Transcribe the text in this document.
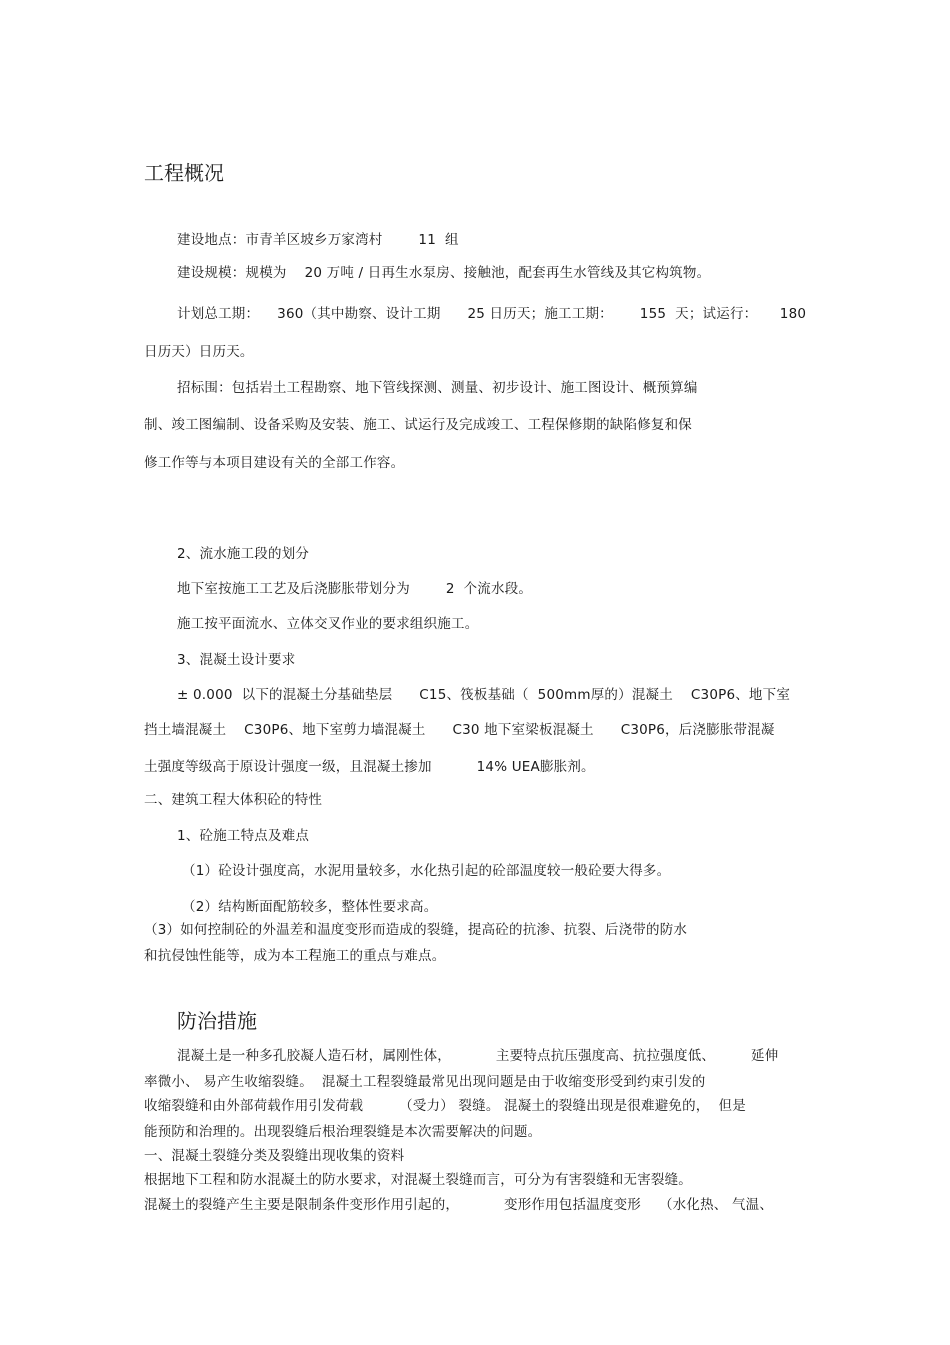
工程概况
建设地点：市青羊区坡乡万家湾村        11  组
建设规模：规模为    20 万吨 / 日再生水泵房、接触池，配套再生水管线及其它构筑物。
计划总工期：    360（其中勘察、设计工期      25 日历天；施工工期：      155  天；试运行：     180
日历天）日历天。
招标围：包括岩土工程勘察、地下管线探测、测量、初步设计、施工图设计、概预算编
制、竣工图编制、设备采购及安装、施工、试运行及完成竣工、工程保修期的缺陷修复和保
修工作等与本项目建设有关的全部工作容。
2、流水施工段的划分
地下室按施工工艺及后浇膨胀带划分为        2  个流水段。
施工按平面流水、立体交叉作业的要求组织施工。
3、混凝土设计要求
± 0.000  以下的混凝土分基础垫层      C15、筏板基础（  500mm厚的）混凝土    C30P6、地下室
挡土墙混凝土    C30P6、地下室剪力墙混凝土      C30 地下室梁板混凝土      C30P6，后浇膨胀带混凝
土强度等级高于原设计强度一级，且混凝土掺加          14% UEA膨胀剂。
二、建筑工程大体积砼的特性
1、砼施工特点及难点
（1）砼设计强度高，水泥用量较多，水化热引起的砼部温度较一般砼要大得多。
（2）结构断面配筋较多，整体性要求高。
（3）如何控制砼的外温差和温度变形而造成的裂缝，提高砼的抗渗、抗裂、后浇带的防水
和抗侵蚀性能等，成为本工程施工的重点与难点。
防治措施
混凝土是一种多孔胶凝人造石材，属刚性体，          主要特点抗压强度高、抗拉强度低、        延伸
率微小、 易产生收缩裂缝。  混凝土工程裂缝最常见出现问题是由于收缩变形受到约束引发的
收缩裂缝和由外部荷载作用引发荷载        （受力） 裂缝。 混凝土的裂缝出现是很难避免的，  但是
能预防和治理的。出现裂缝后根治理裂缝是本次需要解决的问题。
一、混凝土裂缝分类及裂缝出现收集的资料
根据地下工程和防水混凝土的防水要求，对混凝土裂缝而言，可分为有害裂缝和无害裂缝。
混凝土的裂缝产生主要是限制条件变形作用引起的，          变形作用包括温度变形    （水化热、 气温、
